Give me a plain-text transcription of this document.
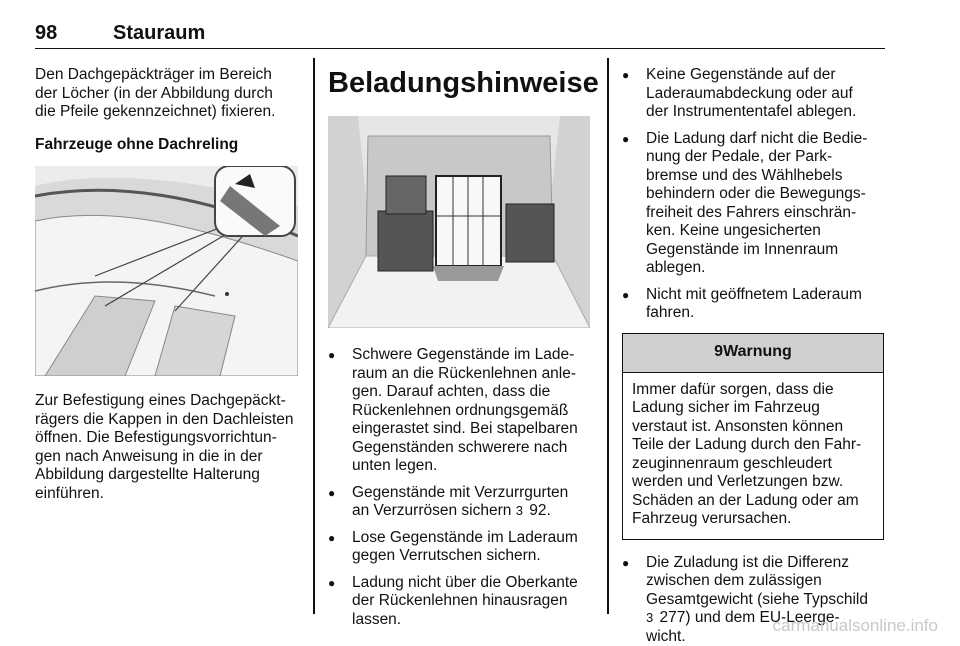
98	Stauraum

Den Dachgepäckträger im Bereich
der Löcher (in der Abbildung durch
die Pfeile gekennzeichnet) fixieren.

Fahrzeuge ohne Dachreling

Zur Befestigung eines Dachgepäckt-
rägers die Kappen in den Dachleisten
öffnen. Die Befestigungsvorrichtun-
gen nach Anweisung in die in der
Abbildung dargestellte Halterung
einführen.

Beladungshinweise
● Schwere Gegenstände im Lade-
raum an die Rückenlehnen anle-
gen. Darauf achten, dass die
Rückenlehnen ordnungsgemäß
eingerastet sind. Bei stapelbaren
Gegenständen schwerere nach
unten legen.
● Gegenstände mit Verzurrgurten
an Verzurrösen sichern 3 92.
● Lose Gegenstände im Laderaum
gegen Verrutschen sichern.
● Ladung nicht über die Oberkante
der Rückenlehnen hinausragen
lassen.
● Keine Gegenstände auf der
Laderaumabdeckung oder auf
der Instrumententafel ablegen.
● Die Ladung darf nicht die Bedie-
nung der Pedale, der Park-
bremse und des Wählhebels
behindern oder die Bewegungs-
freiheit des Fahrers einschrän-
ken. Keine ungesicherten
Gegenstände im Innenraum
ablegen.
● Nicht mit geöffnetem Laderaum
fahren.
9 Warnung
Immer dafür sorgen, dass die
Ladung sicher im Fahrzeug
verstaut ist. Ansonsten können
Teile der Ladung durch den Fahr-
zeuginnenraum geschleudert
werden und Verletzungen bzw.
Schäden an der Ladung oder am
Fahrzeug verursachen.
● Die Zuladung ist die Differenz
zwischen dem zulässigen
Gesamtgewicht (siehe Typschild
3 277) und dem EU-Leerge-
wicht.
carmanualsonline.info
